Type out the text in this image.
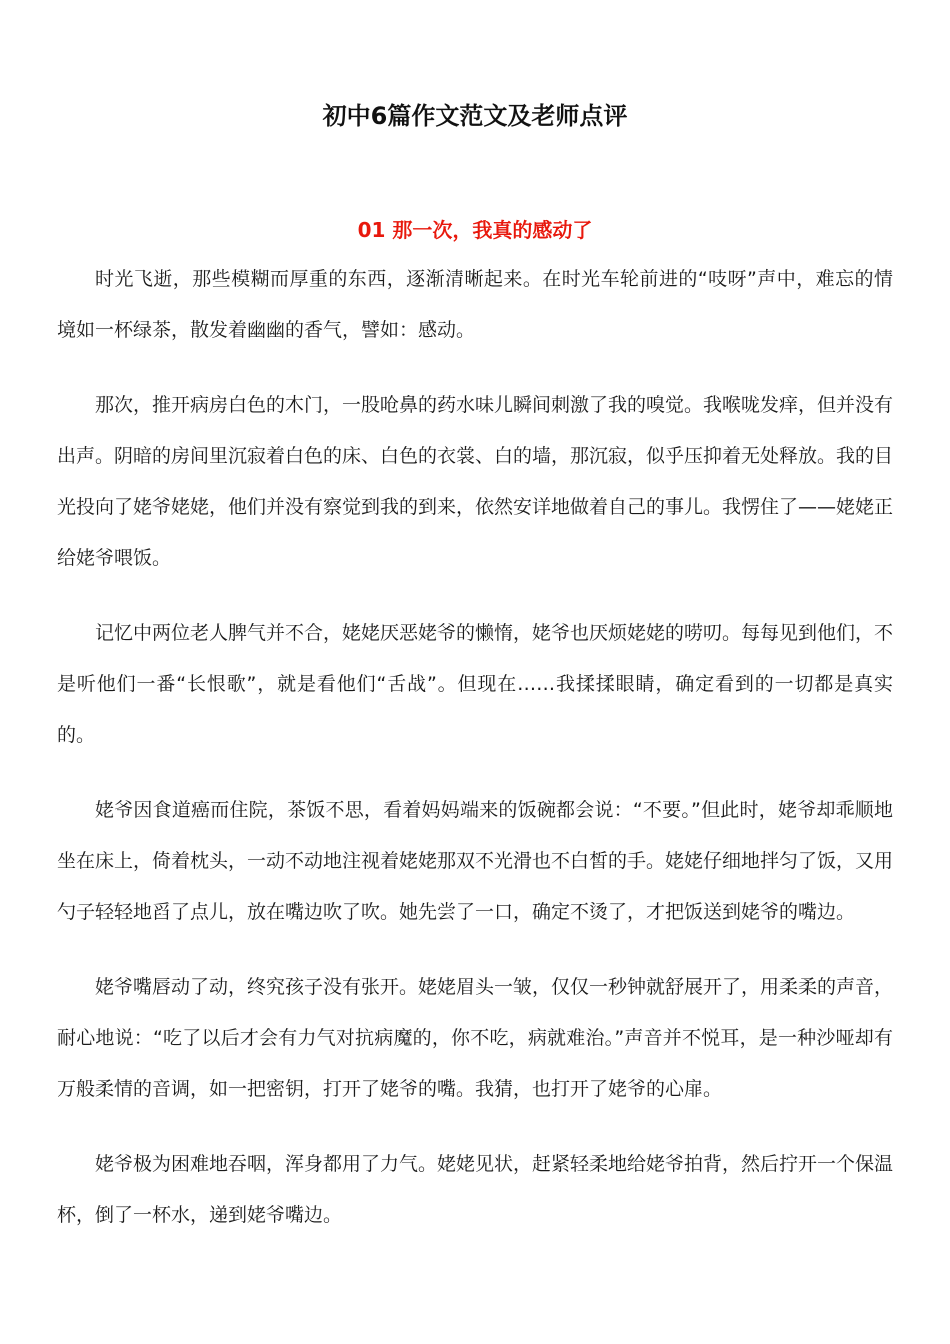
初中6篇作文范文及老师点评
01 那一次，我真的感动了

时光飞逝，那些模糊而厚重的东西，逐渐清晰起来。在时光车轮前进的“吱呀”声中，难忘的情境如一杯绿茶，散发着幽幽的香气，譬如：感动。

那次，推开病房白色的木门，一股呛鼻的药水味儿瞬间刺激了我的嗅觉。我喉咙发痒，但并没有出声。阴暗的房间里沉寂着白色的床、白色的衣裳、白的墙，那沉寂，似乎压抑着无处释放。我的目光投向了姥爷姥姥，他们并没有察觉到我的到来，依然安详地做着自己的事儿。我愣住了——姥姥正给姥爷喂饭。

记忆中两位老人脾气并不合，姥姥厌恶姥爷的懒惰，姥爷也厌烦姥姥的唠叨。每每见到他们，不是听他们一番“长恨歌”，就是看他们“舌战”。但现在……我揉揉眼睛，确定看到的一切都是真实的。

姥爷因食道癌而住院，茶饭不思，看着妈妈端来的饭碗都会说：“不要。”但此时，姥爷却乖顺地坐在床上，倚着枕头，一动不动地注视着姥姥那双不光滑也不白皙的手。姥姥仔细地拌匀了饭，又用勺子轻轻地舀了点儿，放在嘴边吹了吹。她先尝了一口，确定不烫了，才把饭送到姥爷的嘴边。

姥爷嘴唇动了动，终究孩子没有张开。姥姥眉头一皱，仅仅一秒钟就舒展开了，用柔柔的声音，耐心地说：“吃了以后才会有力气对抗病魔的，你不吃，病就难治。”声音并不悦耳，是一种沙哑却有万般柔情的音调，如一把密钥，打开了姥爷的嘴。我猜，也打开了姥爷的心扉。

姥爷极为困难地吞咽，浑身都用了力气。姥姥见状，赶紧轻柔地给姥爷拍背，然后拧开一个保温杯，倒了一杯水，递到姥爷嘴边。
